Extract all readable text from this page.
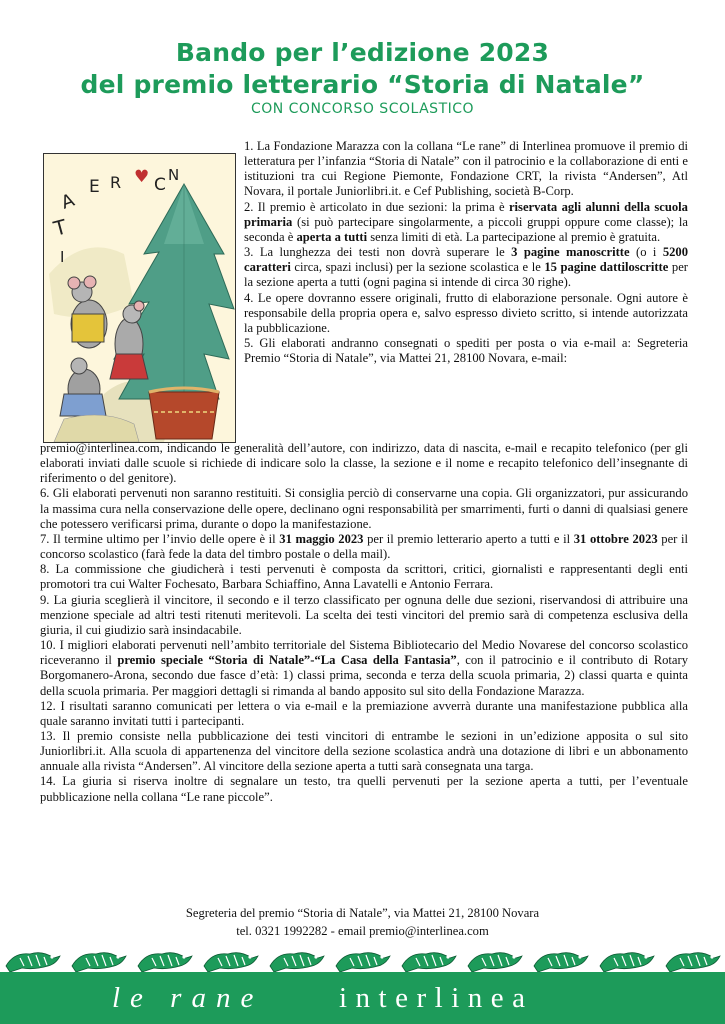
Bando per l’edizione 2023
del premio letterario “Storia di Natale”
CON CONCORSO SCOLASTICO
T
A
E R ♥ C N
I

1. La Fondazione Marazza con la collana “Le rane” di Interlinea promuove il premio di letteratura per l’infanzia “Storia di Natale” con il patrocinio e la collaborazione di enti e istituzioni tra cui Regione Piemonte, Fondazione CRT, la rivista “Andersen”, Atl Novara, il portale Juniorlibri.it. e Cef Publishing, società B-Corp.

2. Il premio è articolato in due sezioni: la prima è riservata agli alunni della scuola primaria (si può partecipare singolarmente, a piccoli gruppi oppure come classe); la seconda è aperta a tutti senza limiti di età. La partecipazione al premio è gratuita.

3. La lunghezza dei testi non dovrà superare le 3 pagine manoscritte (o i 5200 caratteri circa, spazi inclusi) per la sezione scolastica e le 15 pagine dattiloscritte per la sezione aperta a tutti (ogni pagina si intende di circa 30 righe).

4. Le opere dovranno essere originali, frutto di elaborazione personale. Ogni autore è responsabile della propria opera e, salvo espresso divieto scritto, si intende autorizzata la pubblicazione.

5. Gli elaborati andranno consegnati o spediti per posta o via e-mail a: Segreteria Premio “Storia di Natale”, via Mattei 21, 28100 Novara, e-mail:

premio@interlinea.com, indicando le generalità dell’autore, con indirizzo, data di nascita, e-mail e recapito telefonico (per gli elaborati inviati dalle scuole si richiede di indicare solo la classe, la sezione e il nome e recapito telefonico dell’insegnante di riferimento o del genitore).

6. Gli elaborati pervenuti non saranno restituiti. Si consiglia perciò di conservarne una copia. Gli organizzatori, pur assicurando la massima cura nella conservazione delle opere, declinano ogni responsabilità per smarrimenti, furti o danni di qualsiasi genere che potessero verificarsi prima, durante o dopo la manifestazione.

7. Il termine ultimo per l’invio delle opere è il 31 maggio 2023 per il premio letterario aperto a tutti e il 31 ottobre 2023 per il concorso scolastico (farà fede la data del timbro postale o della mail).

8. La commissione che giudicherà i testi pervenuti è composta da scrittori, critici, giornalisti e rappresentanti degli enti promotori tra cui Walter Fochesato, Barbara Schiaffino, Anna Lavatelli e Antonio Ferrara.

9. La giuria sceglierà il vincitore, il secondo e il terzo classificato per ognuna delle due sezioni, riservandosi di attribuire una menzione speciale ad altri testi ritenuti meritevoli. La scelta dei testi vincitori del premio sarà di competenza esclusiva della giuria, il cui giudizio sarà insindacabile.

10. I migliori elaborati pervenuti nell’ambito territoriale del Sistema Bibliotecario del Medio Novarese del concorso scolastico riceveranno il premio speciale “Storia di Natale”-“La Casa della Fantasia”, con il patrocinio e il contributo di Rotary Borgomanero-Arona, secondo due fasce d’età: 1) classi prima, seconda e terza della scuola primaria, 2) classi quarta e quinta della scuola primaria. Per maggiori dettagli si rimanda al bando apposito sul sito della Fondazione Marazza.

12. I risultati saranno comunicati per lettera o via e-mail e la premiazione avverrà durante una manifestazione pubblica alla quale saranno invitati tutti i partecipanti.

13. Il premio consiste nella pubblicazione dei testi vincitori di entrambe le sezioni in un’edizione apposita o sul sito Juniorlibri.it. Alla scuola di appartenenza del vincitore della sezione scolastica andrà una dotazione di libri e un abbonamento annuale alla rivista “Andersen”. Al vincitore della sezione aperta a tutti sarà consegnata una targa.

14. La giuria si riserva inoltre di segnalare un testo, tra quelli pervenuti per la sezione aperta a tutti, per l’eventuale pubblicazione nella collana “Le rane piccole”.

Segreteria del premio “Storia di Natale”, via Mattei 21, 28100 Novara
tel. 0321 1992282 - email premio@interlinea.com
le rane	interlinea
